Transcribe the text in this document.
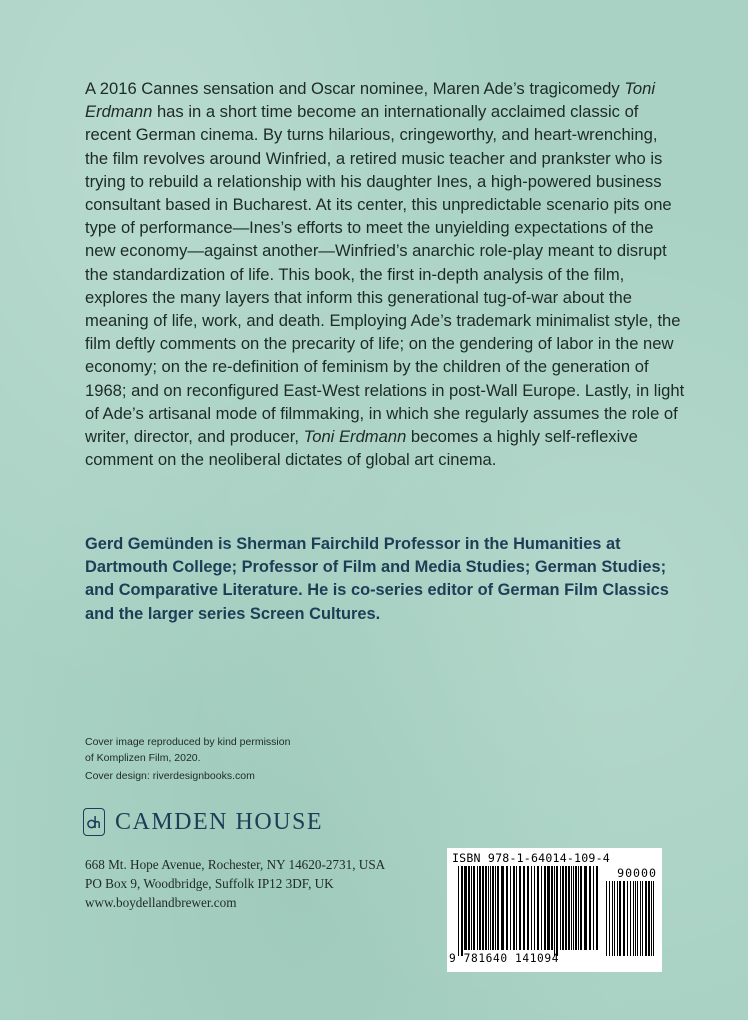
A 2016 Cannes sensation and Oscar nominee, Maren Ade’s tragicomedy Toni Erdmann has in a short time become an internationally acclaimed classic of recent German cinema. By turns hilarious, cringeworthy, and heart-wrenching, the film revolves around Winfried, a retired music teacher and prankster who is trying to rebuild a relationship with his daughter Ines, a high-powered business consultant based in Bucharest. At its center, this unpredictable scenario pits one type of performance—Ines’s efforts to meet the unyielding expectations of the new economy—against another—Winfried’s anarchic role-play meant to disrupt the standardization of life. This book, the first in-depth analysis of the film, explores the many layers that inform this generational tug-of-war about the meaning of life, work, and death. Employing Ade’s trademark minimalist style, the film deftly comments on the precarity of life; on the gendering of labor in the new economy; on the re-definition of feminism by the children of the generation of 1968; and on reconfigured East-West relations in post-Wall Europe. Lastly, in light of Ade’s artisanal mode of filmmaking, in which she regularly assumes the role of writer, director, and producer, Toni Erdmann becomes a highly self-reflexive comment on the neoliberal dictates of global art cinema.

Gerd Gemünden is Sherman Fairchild Professor in the Humanities at Dartmouth College; Professor of Film and Media Studies; German Studies; and Comparative Literature. He is co-series editor of German Film Classics and the larger series Screen Cultures.

Cover image reproduced by kind permission
of Komplizen Film, 2020.
Cover design: riverdesignbooks.com
CAMDEN HOUSE
668 Mt. Hope Avenue, Rochester, NY 14620-2731, USA
PO Box 9, Woodbridge, Suffolk IP12 3DF, UK
www.boydellandbrewer.com
ISBN 978-1-64014-109-4
90000
9 781640 141094
